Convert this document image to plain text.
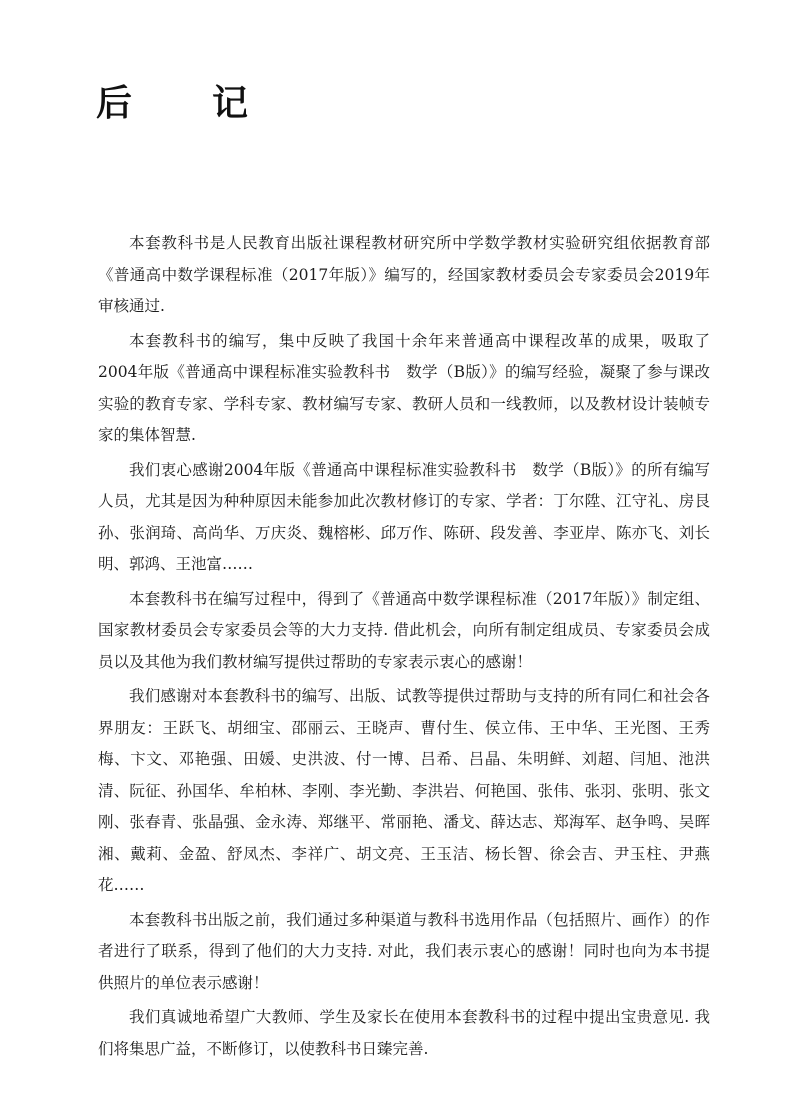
后　记

本套教科书是人民教育出版社课程教材研究所中学数学教材实验研究组依据教育部《普通高中数学课程标准（2017年版）》编写的，经国家教材委员会专家委员会2019年审核通过.

本套教科书的编写，集中反映了我国十余年来普通高中课程改革的成果，吸取了2004年版《普通高中课程标准实验教科书　数学（B版）》的编写经验，凝聚了参与课改实验的教育专家、学科专家、教材编写专家、教研人员和一线教师，以及教材设计装帧专家的集体智慧.

我们衷心感谢2004年版《普通高中课程标准实验教科书　数学（B版）》的所有编写人员，尤其是因为种种原因未能参加此次教材修订的专家、学者：丁尔陞、江守礼、房艮孙、张润琦、高尚华、万庆炎、魏榕彬、邱万作、陈研、段发善、李亚岸、陈亦飞、刘长明、郭鸿、王池富……

本套教科书在编写过程中，得到了《普通高中数学课程标准（2017年版）》制定组、国家教材委员会专家委员会等的大力支持. 借此机会，向所有制定组成员、专家委员会成员以及其他为我们教材编写提供过帮助的专家表示衷心的感谢！

我们感谢对本套教科书的编写、出版、试教等提供过帮助与支持的所有同仁和社会各界朋友：王跃飞、胡细宝、邵丽云、王晓声、曹付生、侯立伟、王中华、王光图、王秀梅、卞文、邓艳强、田媛、史洪波、付一博、吕希、吕晶、朱明鲜、刘超、闫旭、池洪清、阮征、孙国华、牟柏林、李刚、李光勤、李洪岩、何艳国、张伟、张羽、张明、张文刚、张春青、张晶强、金永涛、郑继平、常丽艳、潘戈、薛达志、郑海军、赵争鸣、吴晖湘、戴莉、金盈、舒凤杰、李祥广、胡文亮、王玉洁、杨长智、徐会吉、尹玉柱、尹燕花……

本套教科书出版之前，我们通过多种渠道与教科书选用作品（包括照片、画作）的作者进行了联系，得到了他们的大力支持. 对此，我们表示衷心的感谢！同时也向为本书提供照片的单位表示感谢！

我们真诚地希望广大教师、学生及家长在使用本套教科书的过程中提出宝贵意见. 我们将集思广益，不断修订，以使教科书日臻完善.
